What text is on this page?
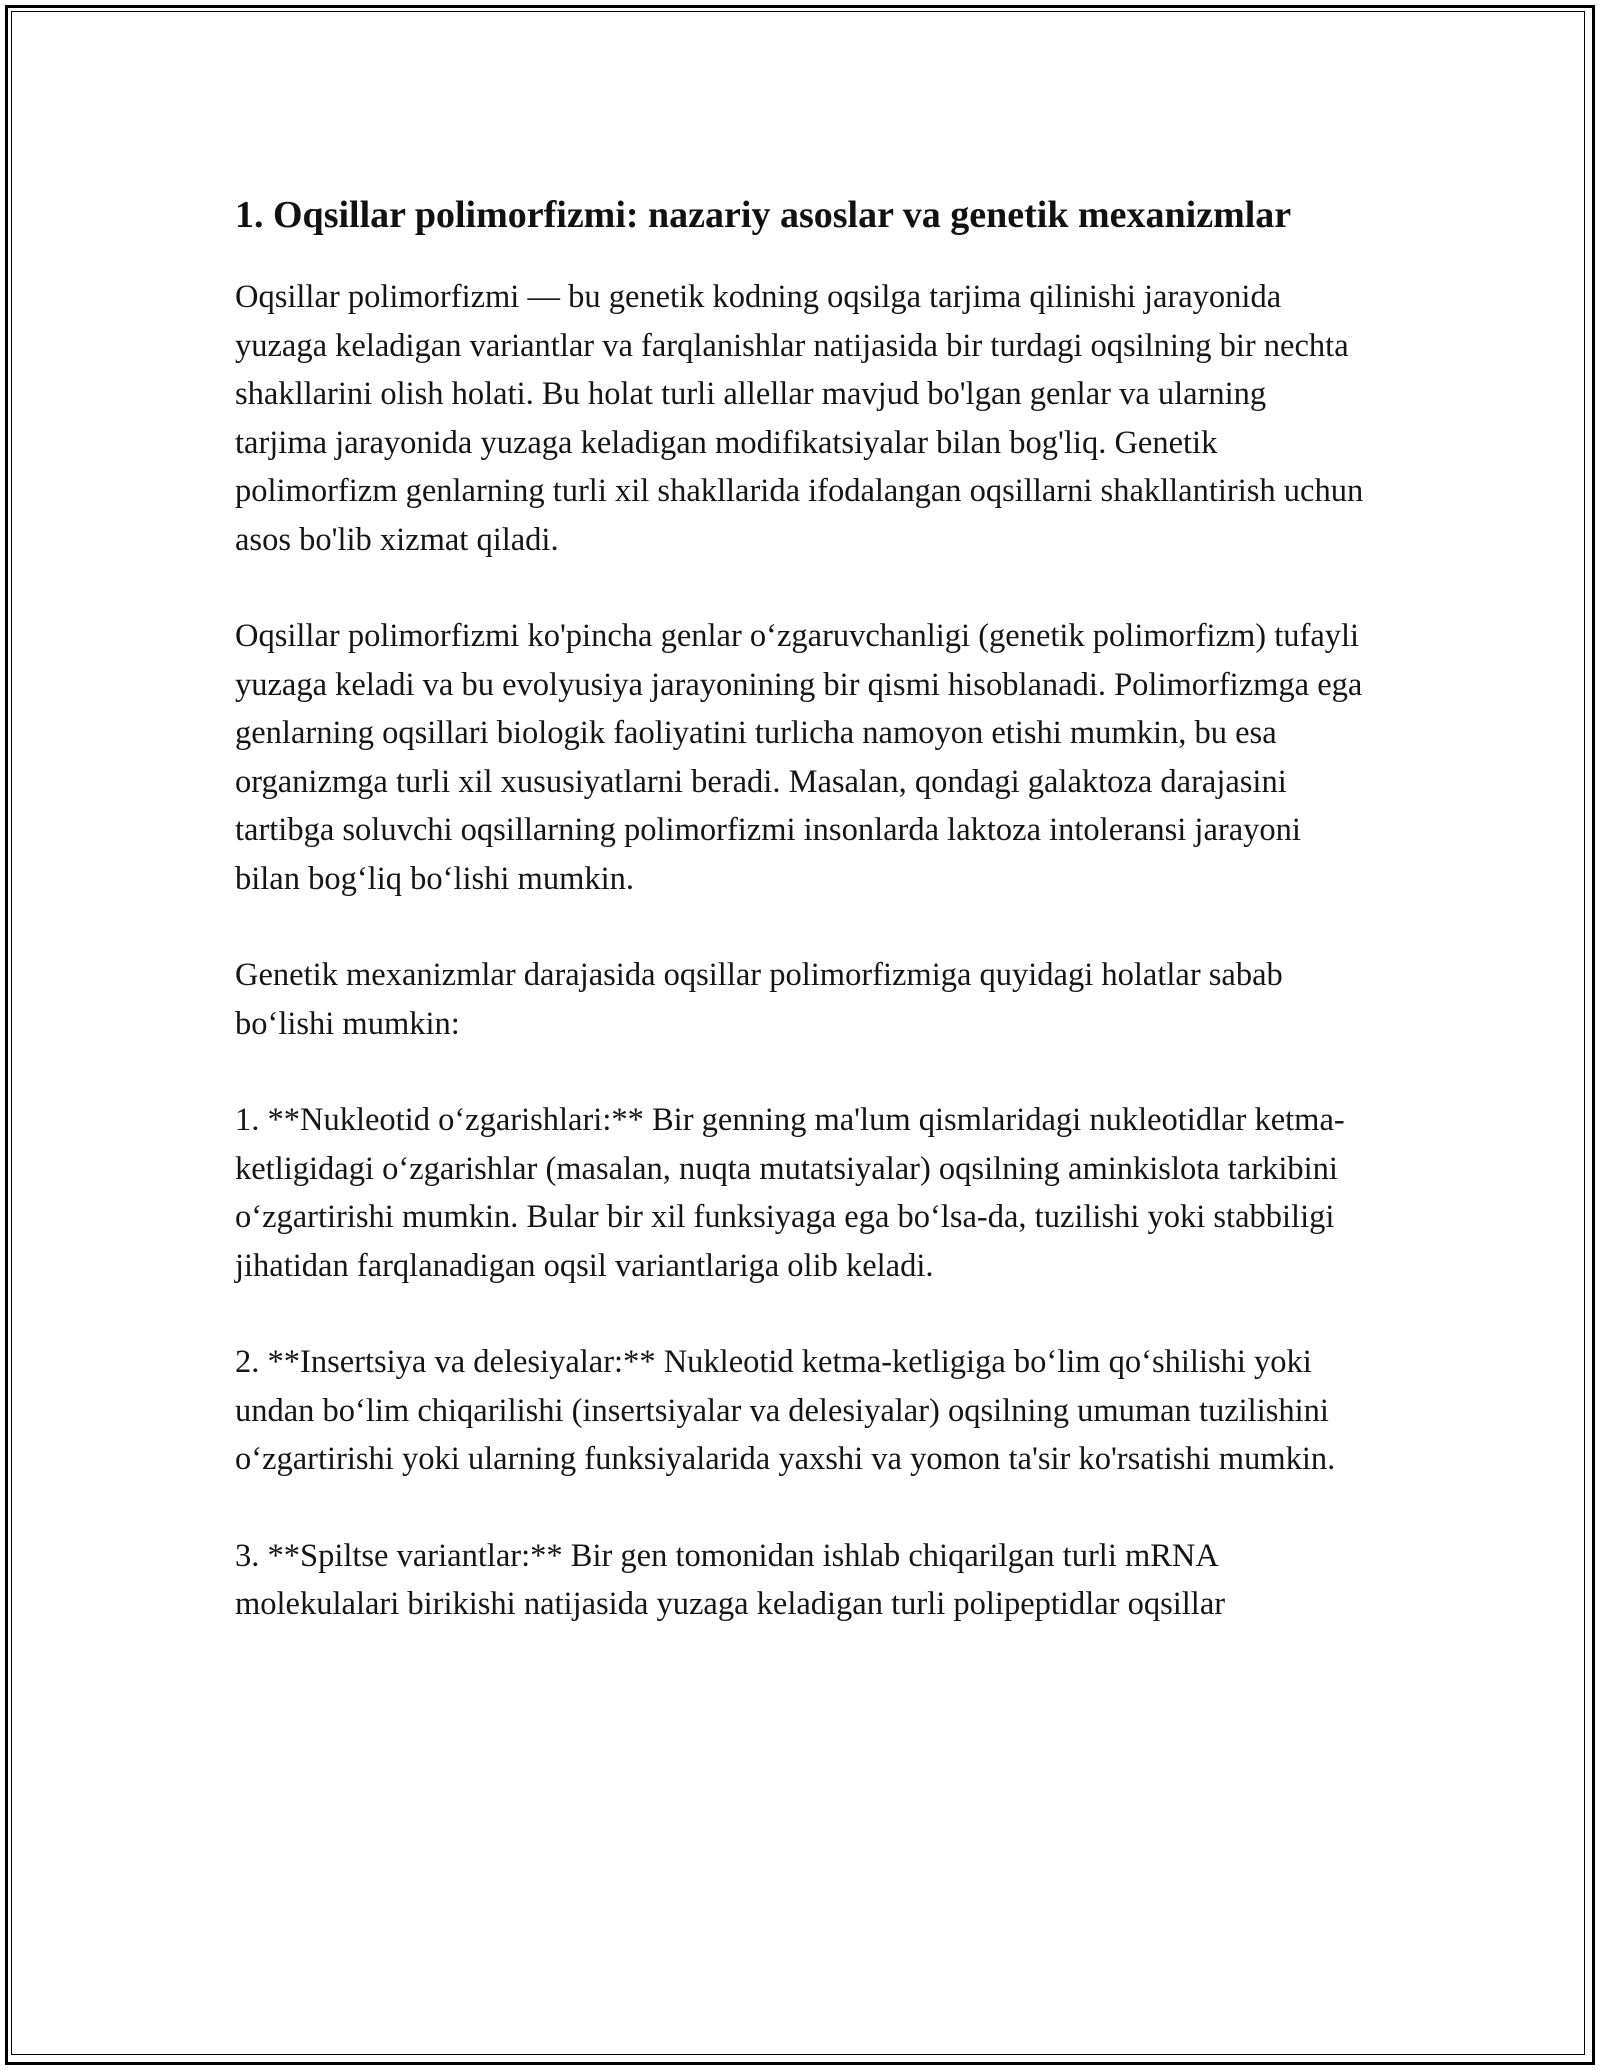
1. Oqsillar polimorfizmi: nazariy asoslar va genetik mexanizmlar

Oqsillar polimorfizmi — bu genetik kodning oqsilga tarjima qilinishi jarayonida yuzaga keladigan variantlar va farqlanishlar natijasida bir turdagi oqsilning bir nechta shakllarini olish holati. Bu holat turli allellar mavjud bo'lgan genlar va ularning tarjima jarayonida yuzaga keladigan modifikatsiyalar bilan bog'liq. Genetik polimorfizm genlarning turli xil shakllarida ifodalangan oqsillarni shakllantirish uchun asos bo'lib xizmat qiladi.

Oqsillar polimorfizmi ko'pincha genlar o‘zgaruvchanligi (genetik polimorfizm) tufayli yuzaga keladi va bu evolyusiya jarayonining bir qismi hisoblanadi. Polimorfizmga ega genlarning oqsillari biologik faoliyatini turlicha namoyon etishi mumkin, bu esa organizmga turli xil xususiyatlarni beradi. Masalan, qondagi galaktoza darajasini tartibga soluvchi oqsillarning polimorfizmi insonlarda laktoza intoleransi jarayoni bilan bog‘liq bo‘lishi mumkin.

Genetik mexanizmlar darajasida oqsillar polimorfizmiga quyidagi holatlar sabab bo‘lishi mumkin:

1. **Nukleotid o‘zgarishlari:** Bir genning ma'lum qismlaridagi nukleotidlar ketma-ketligidagi o‘zgarishlar (masalan, nuqta mutatsiyalar) oqsilning aminkislota tarkibini o‘zgartirishi mumkin. Bular bir xil funksiyaga ega bo‘lsa-da, tuzilishi yoki stabbiligi jihatidan farqlanadigan oqsil variantlariga olib keladi.

2. **Insertsiya va delesiyalar:** Nukleotid ketma-ketligiga bo‘lim qo‘shilishi yoki undan bo‘lim chiqarilishi (insertsiyalar va delesiyalar) oqsilning umuman tuzilishini o‘zgartirishi yoki ularning funksiyalarida yaxshi va yomon ta'sir ko'rsatishi mumkin.

3. **Spiltse variantlar:** Bir gen tomonidan ishlab chiqarilgan turli mRNA molekulalari birikishi natijasida yuzaga keladigan turli polipeptidlar oqsillar
